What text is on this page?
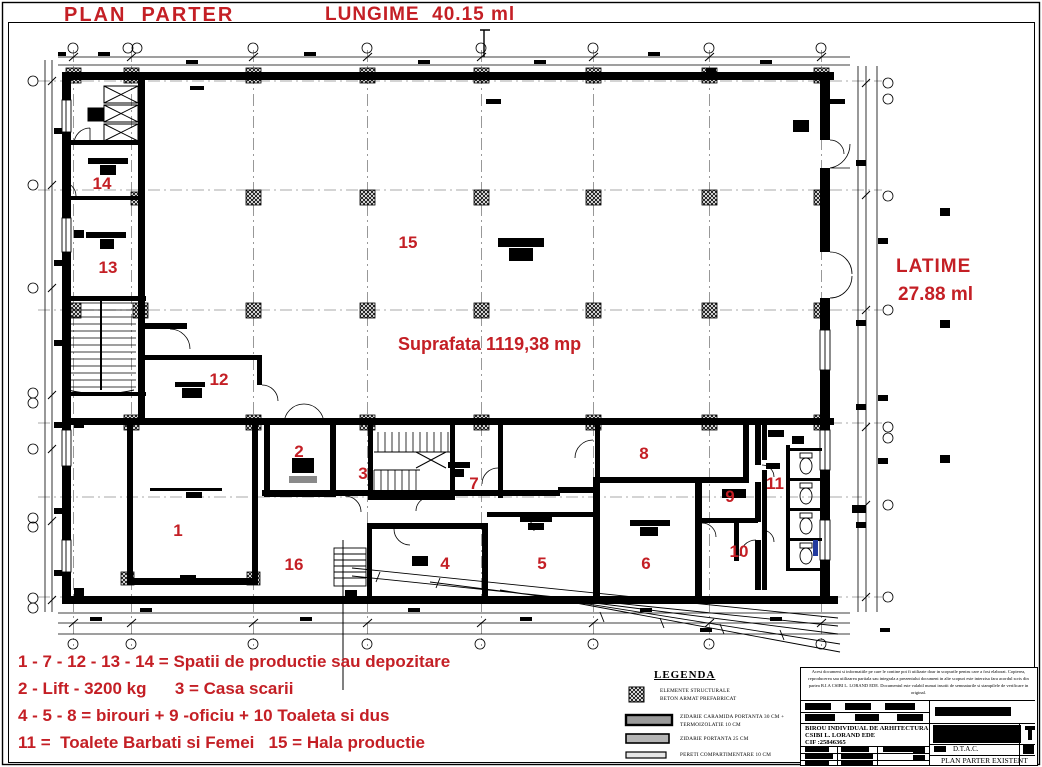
PLAN  PARTER	LUNGIME  40.15 ml
LATIME
27.88 ml
Suprafata 1119,38 mp
14
13
15
12
1
2
3
7
16	4	5	6
8
9
10
11
1 - 7 - 12 - 13 - 14 = Spatii de productie sau depozitare
2 - Lift - 3200 kg      3 = Casa scarii
4 - 5 - 8 = birouri + 9 -oficiu + 10 Toaleta si dus
11 =  Toalete Barbati si Femei   15 = Hala productie
LEGENDA
ELEMENTE STRUCTURALE
BETON ARMAT PREFABRICAT
ZIDARIE CARAMIDA PORTANTA 30 CM +
TERMOIZOLATIE 10 CM
ZIDARIE PORTANTA 25 CM
PERETI COMPARTIMENTARE 10 CM
Acest document si informatiile pe care le contine pot fi utilizate doar in scopurile pentru care a fost elaborat. Copierea, reproducerea sau utilizarea partiala sau integrala a prezentului document in alte scopuri este interzisa fara acordul scris din partea B.I.A CSIBI L. LORAND EDE. Documentul este valabil numai insotit de semnaturile si stampilele de verificare in original.
BIROU INDIVIDUAL DE ARHITECTURA
CSIBI L. LORAND EDE
CIF :25846365
D.T.A.C.
PLAN PARTER EXISTENT
